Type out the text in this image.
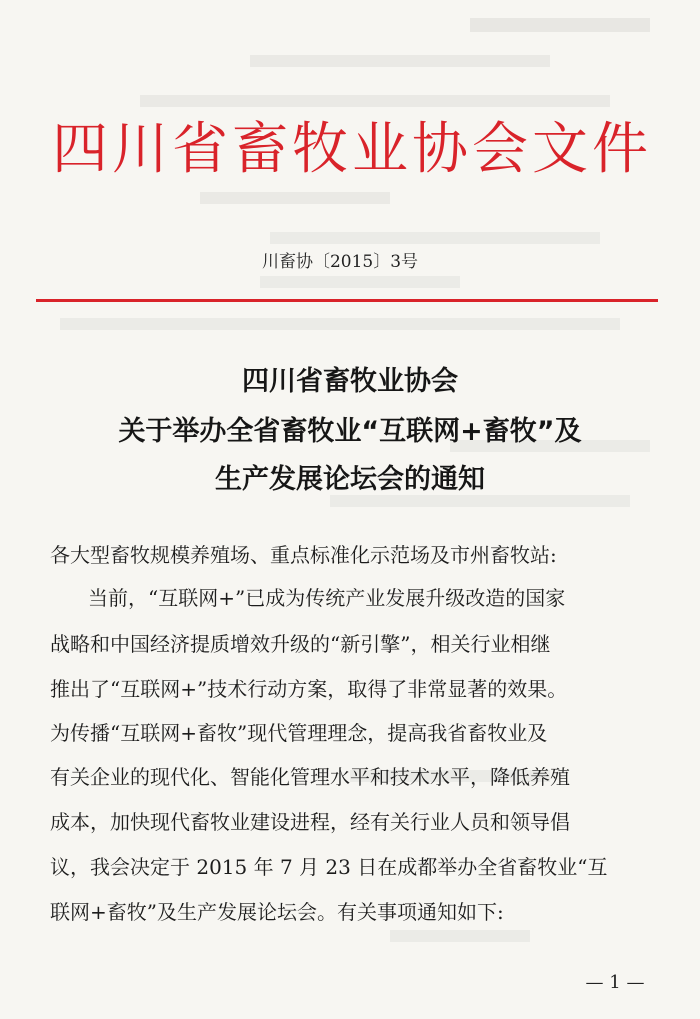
四川省畜牧业协会文件
川畜协〔2015〕3号
四川省畜牧业协会
关于举办全省畜牧业“互联网+畜牧”及
生产发展论坛会的通知
各大型畜牧规模养殖场、重点标准化示范场及市州畜牧站:
当前，“互联网+”已成为传统产业发展升级改造的国家
战略和中国经济提质增效升级的“新引擎”，相关行业相继
推出了“互联网+”技术行动方案，取得了非常显著的效果。
为传播“互联网+畜牧”现代管理理念，提高我省畜牧业及
有关企业的现代化、智能化管理水平和技术水平，降低养殖
成本，加快现代畜牧业建设进程，经有关行业人员和领导倡
议，我会决定于 2015 年 7 月 23 日在成都举办全省畜牧业“互
联网+畜牧”及生产发展论坛会。有关事项通知如下:
— 1 —
